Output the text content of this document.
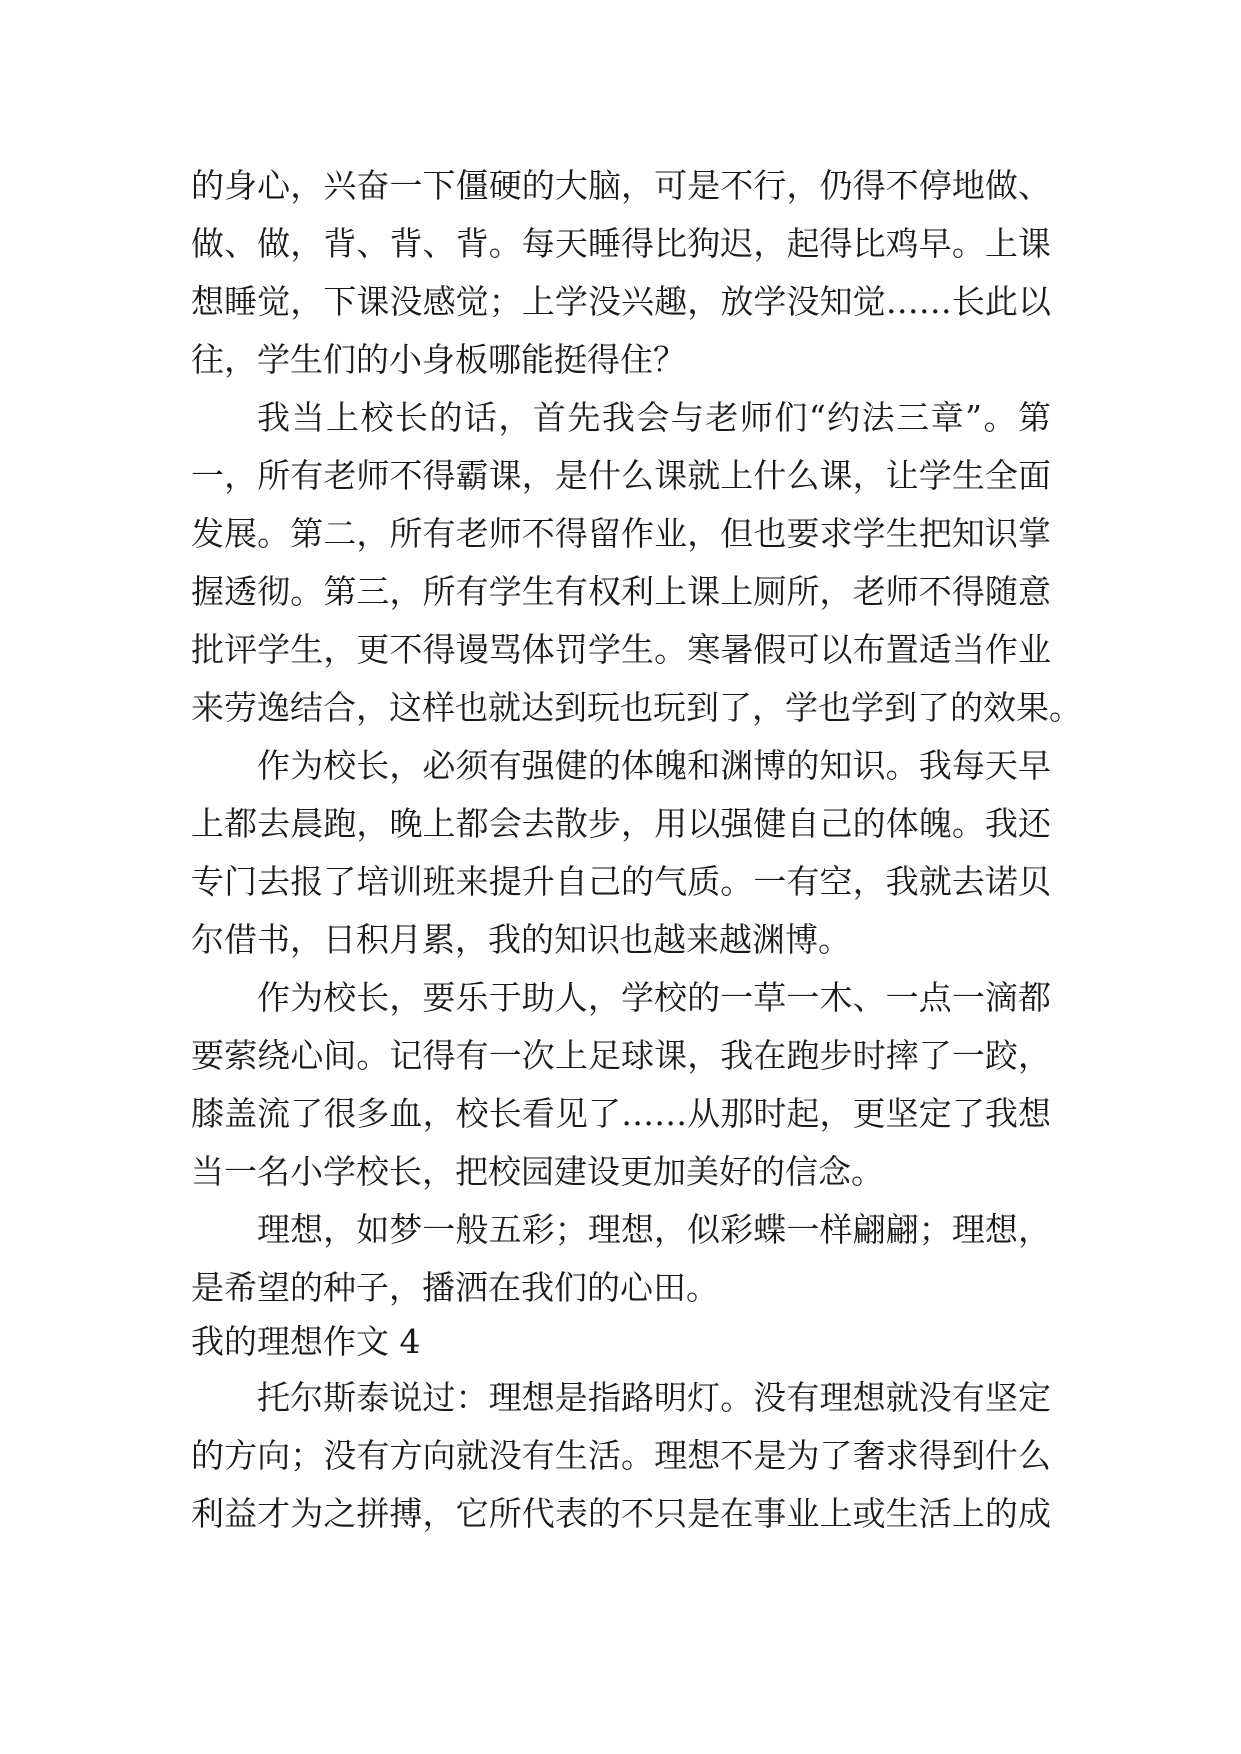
的身心，兴奋一下僵硬的大脑，可是不行，仍得不停地做、
做、做，背、背、背。每天睡得比狗迟，起得比鸡早。上课
想睡觉，下课没感觉；上学没兴趣，放学没知觉……长此以
往，学生们的小身板哪能挺得住？
我当上校长的话，首先我会与老师们“约法三章”。第
一，所有老师不得霸课，是什么课就上什么课，让学生全面
发展。第二，所有老师不得留作业，但也要求学生把知识掌
握透彻。第三，所有学生有权利上课上厕所，老师不得随意
批评学生，更不得谩骂体罚学生。寒暑假可以布置适当作业
来劳逸结合，这样也就达到玩也玩到了，学也学到了的效果。
作为校长，必须有强健的体魄和渊博的知识。我每天早
上都去晨跑，晚上都会去散步，用以强健自己的体魄。我还
专门去报了培训班来提升自己的气质。一有空，我就去诺贝
尔借书，日积月累，我的知识也越来越渊博。
作为校长，要乐于助人，学校的一草一木、一点一滴都
要萦绕心间。记得有一次上足球课，我在跑步时摔了一跤，
膝盖流了很多血，校长看见了……从那时起，更坚定了我想
当一名小学校长，把校园建设更加美好的信念。
理想，如梦一般五彩；理想，似彩蝶一样翩翩；理想，
是希望的种子，播洒在我们的心田。
我的理想作文 4
托尔斯泰说过：理想是指路明灯。没有理想就没有坚定
的方向；没有方向就没有生活。理想不是为了奢求得到什么
利益才为之拼搏，它所代表的不只是在事业上或生活上的成
